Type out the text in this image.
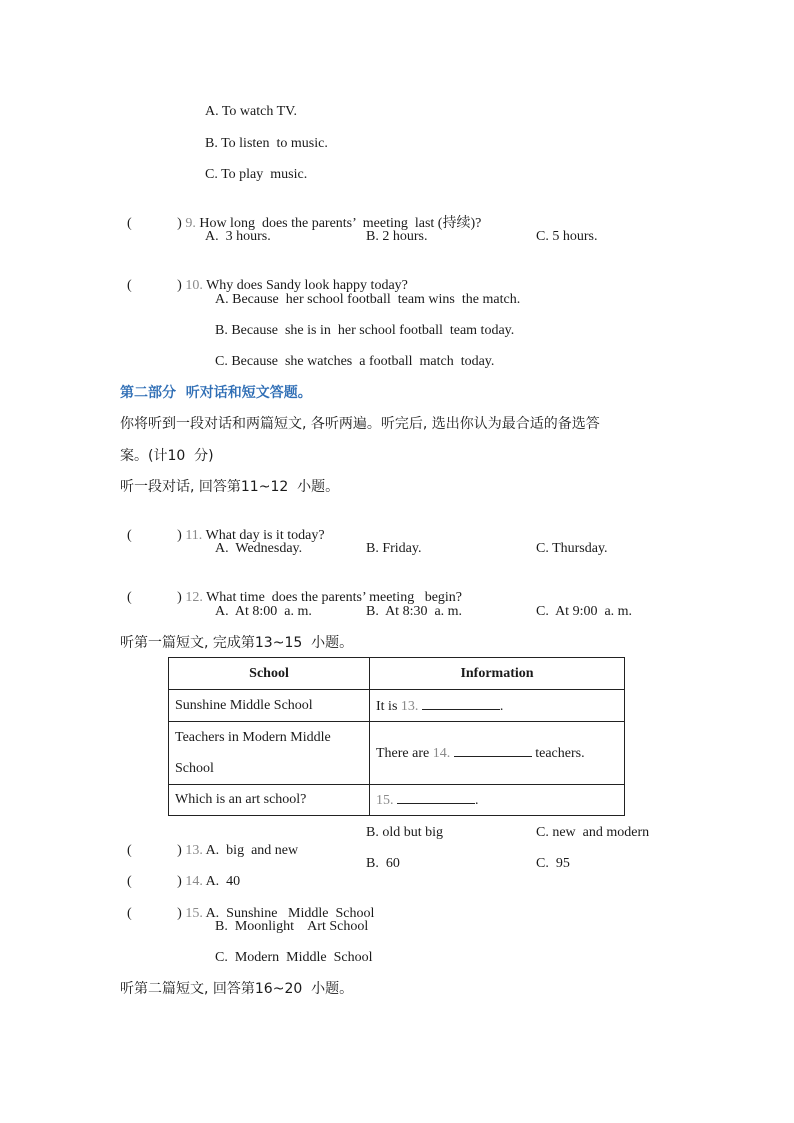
A. To watch TV.
B. To listen  to music.
C. To play  music.

(             ) 9. How long  does the parents’  meeting  last (持续)?

A.  3 hours.	B. 2 hours.	C. 5 hours.

(             ) 10. Why does Sandy look happy today?

A. Because  her school football  team wins  the match.
B. Because  she is in  her school football  team today.
C. Because  she watches  a football  match  today.
第二部分  听对话和短文答题。
你将听到一段对话和两篇短文, 各听两遍。听完后, 选出你认为最合适的备选答
案。(计10  分)
听一段对话, 回答第11~12  小题。

(             ) 11. What day is it today?

A.  Wednesday.	B. Friday.	C. Thursday.

(             ) 12. What time  does the parents’ meeting   begin?

A.  At 8:00  a. m.	B.  At 8:30  a. m.	C.  At 9:00  a. m.
听第一篇短文, 完成第13~15  小题。
School	Information
Sunshine Middle School	It is 13. .
Teachers in Modern Middle
School	There are 14. teachers.
Which is an art school?	15. .

(             ) 13. A.  big  and new

B. old but big	C. new  and modern

(             ) 14. A.  40

B.  60	C.  95

(             ) 15. A.  Sunshine   Middle  School

B.  Moonlight    Art School
C.  Modern  Middle  School
听第二篇短文, 回答第16~20  小题。
